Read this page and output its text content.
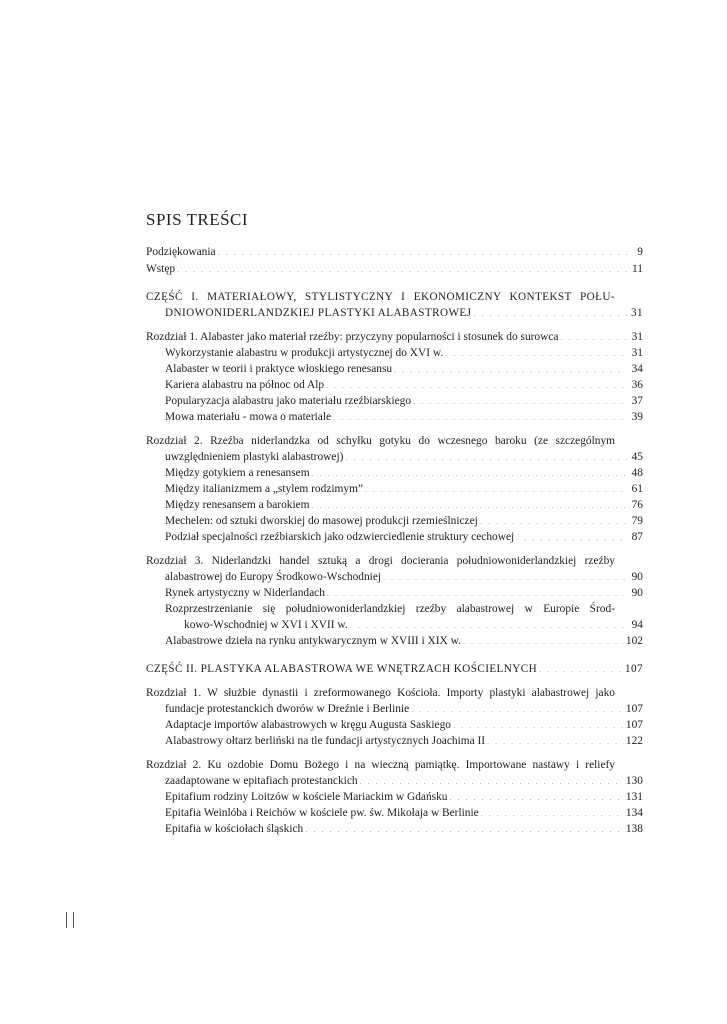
SPIS TREŚCI
Podziękowania . . .	9
Wstęp . . .	11
CZĘŚĆ I. MATERIAŁOWY, STYLISTYCZNY I EKONOMICZNY KONTEKST POŁU-
DNIOWONIDERLANDZKIEJ PLASTYKI ALABASTROWEJ . . .	31
Rozdział 1. Alabaster jako materiał rzeźby: przyczyny popularności i stosunek do surowca . . .	31
Wykorzystanie alabastru w produkcji artystycznej do XVI w. . . .	31
Alabaster w teorii i praktyce włoskiego renesansu . . .	34
Kariera alabastru na północ od Alp . . .	36
Popularyzacja alabastru jako materiału rzeźbiarskiego . . .	37
Mowa materiału - mowa o materiale . . .	39
Rozdział 2. Rzeźba niderlandzka od schyłku gotyku do wczesnego baroku (ze szczególnym
uwzględnieniem plastyki alabastrowej) . . .	45
Między gotykiem a renesansem . . .	48
Między italianizmem a „stylem rodzimym” . . .	61
Między renesansem a barokiem . . .	76
Mechelen: od sztuki dworskiej do masowej produkcji rzemieślniczej . . .	79
Podział specjalności rzeźbiarskich jako odzwierciedlenie struktury cechowej . . .	87
Rozdział 3. Niderlandzki handel sztuką a drogi docierania południowoniderlandzkiej rzeźby
alabastrowej do Europy Środkowo-Wschodniej . . .	90
Rynek artystyczny w Niderlandach . . .	90
Rozprzestrzenianie się południowoniderlandzkiej rzeźby alabastrowej w Europie Środ-
kowo-Wschodniej w XVI i XVII w. . . .	94
Alabastrowe dzieła na rynku antykwarycznym w XVIII i XIX w. . . .	102
CZĘŚĆ II. PLASTYKA ALABASTROWA WE WNĘTRZACH KOŚCIELNYCH . . .	107
Rozdział 1. W służbie dynastii i zreformowanego Kościoła. Importy plastyki alabastrowej jako
fundacje protestanckich dworów w Dreźnie i Berlinie . . .	107
Adaptacje importów alabastrowych w kręgu Augusta Saskiego . . .	107
Alabastrowy ołtarz berliński na tle fundacji artystycznych Joachima II . . .	122
Rozdział 2. Ku ozdobie Domu Bożego i na wieczną pamiątkę. Importowane nastawy i reliefy
zaadaptowane w epitafiach protestanckich . . .	130
Epitafium rodziny Loitzów w kościele Mariackim w Gdańsku . . .	131
Epitafia Weinlóba i Reichów w kościele pw. św. Mikołaja w Berlinie . . .	134
Epitafia w kościołach śląskich . . .	138
